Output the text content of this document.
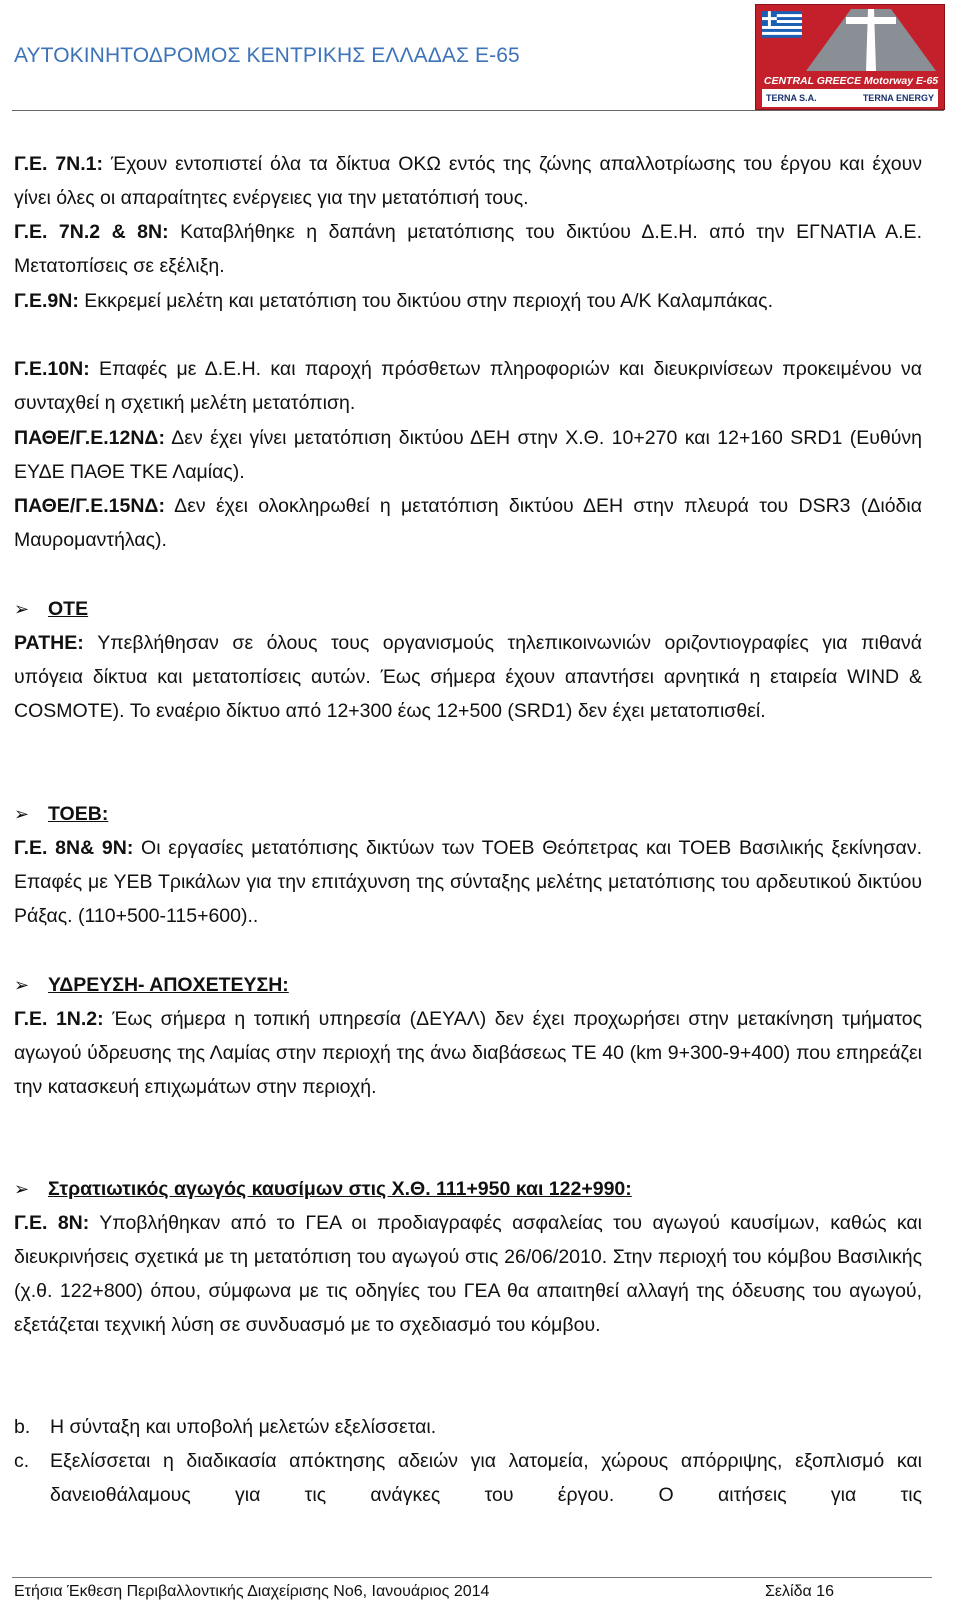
ΑΥΤΟΚΙΝΗΤΟΔΡΟΜΟΣ ΚΕΝΤΡΙΚΗΣ ΕΛΛΑΔΑΣ Ε-65
CENTRAL GREECE Motorway E-65
TERNA S.A.	TERNA ENERGY

Γ.Ε. 7Ν.1: Έχουν εντοπιστεί όλα τα δίκτυα ΟΚΩ εντός της ζώνης απαλλοτρίωσης του έργου και έχουν γίνει όλες οι απαραίτητες ενέργειες για την μετατόπισή τους.

Γ.Ε. 7Ν.2 & 8Ν: Καταβλήθηκε η δαπάνη μετατόπισης του δικτύου Δ.Ε.Η. από την ΕΓΝΑΤΙΑ Α.Ε. Μετατοπίσεις σε εξέλιξη.

Γ.Ε.9Ν: Εκκρεμεί μελέτη και μετατόπιση του δικτύου στην περιοχή του Α/Κ Καλαμπάκας.

Γ.Ε.10Ν: Επαφές με Δ.Ε.Η. και παροχή πρόσθετων πληροφοριών και διευκρινίσεων προκειμένου να συνταχθεί η σχετική μελέτη μετατόπιση.

ΠΑΘΕ/Γ.Ε.12ΝΔ: Δεν έχει γίνει μετατόπιση δικτύου ΔΕΗ στην Χ.Θ. 10+270 και 12+160 SRD1 (Ευθύνη ΕΥΔΕ ΠΑΘΕ ΤΚΕ Λαμίας).

ΠΑΘΕ/Γ.Ε.15ΝΔ: Δεν έχει ολοκληρωθεί η μετατόπιση δικτύου ΔΕΗ στην πλευρά του DSR3 (Διόδια Μαυρομαντήλας).

➢ ΟΤΕ

PATHE: Υπεβλήθησαν σε όλους τους οργανισμούς τηλεπικοινωνιών οριζοντιογραφίες για πιθανά υπόγεια δίκτυα και μετατοπίσεις αυτών. Έως σήμερα έχουν απαντήσει αρνητικά η εταιρεία WIND & COSMOTE). Το εναέριο δίκτυο από 12+300 έως 12+500 (SRD1) δεν έχει μετατοπισθεί.

➢ ΤΟΕΒ:

Γ.Ε. 8Ν& 9Ν: Οι εργασίες μετατόπισης δικτύων των ΤΟΕΒ Θεόπετρας και ΤΟΕΒ Βασιλικής ξεκίνησαν. Επαφές με ΥΕΒ Τρικάλων για την επιτάχυνση της σύνταξης μελέτης μετατόπισης του αρδευτικού δικτύου Ράξας. (110+500-115+600)..

➢ ΥΔΡΕΥΣΗ- ΑΠΟΧΕΤΕΥΣΗ:

Γ.Ε. 1Ν.2: Έως σήμερα η τοπική υπηρεσία (ΔΕΥΑΛ) δεν έχει προχωρήσει στην μετακίνηση τμήματος αγωγού ύδρευσης της Λαμίας στην περιοχή της άνω διαβάσεως ΤΕ 40 (km 9+300-9+400) που επηρεάζει την κατασκευή επιχωμάτων στην περιοχή.

➢ Στρατιωτικός αγωγός καυσίμων στις Χ.Θ. 111+950 και 122+990:

Γ.Ε. 8Ν: Υποβλήθηκαν από το ΓΕΑ οι προδιαγραφές ασφαλείας του αγωγού καυσίμων, καθώς και διευκρινήσεις σχετικά με τη μετατόπιση του αγωγού στις 26/06/2010. Στην περιοχή του κόμβου Βασιλικής (χ.θ. 122+800) όπου, σύμφωνα με τις οδηγίες του ΓΕΑ θα απαιτηθεί αλλαγή της όδευσης του αγωγού, εξετάζεται τεχνική λύση σε συνδυασμό με το σχεδιασμό του κόμβου.

b. Η σύνταξη και υποβολή μελετών εξελίσσεται.
c. Εξελίσσεται η διαδικασία απόκτησης αδειών για λατομεία, χώρους απόρριψης, εξοπλισμό και δανειοθάλαμους για τις ανάγκες του έργου. Ο αιτήσεις για τις
Ετήσια Έκθεση Περιβαλλοντικής Διαχείρισης Νο6, Ιανουάριος 2014	Σελίδα 16
